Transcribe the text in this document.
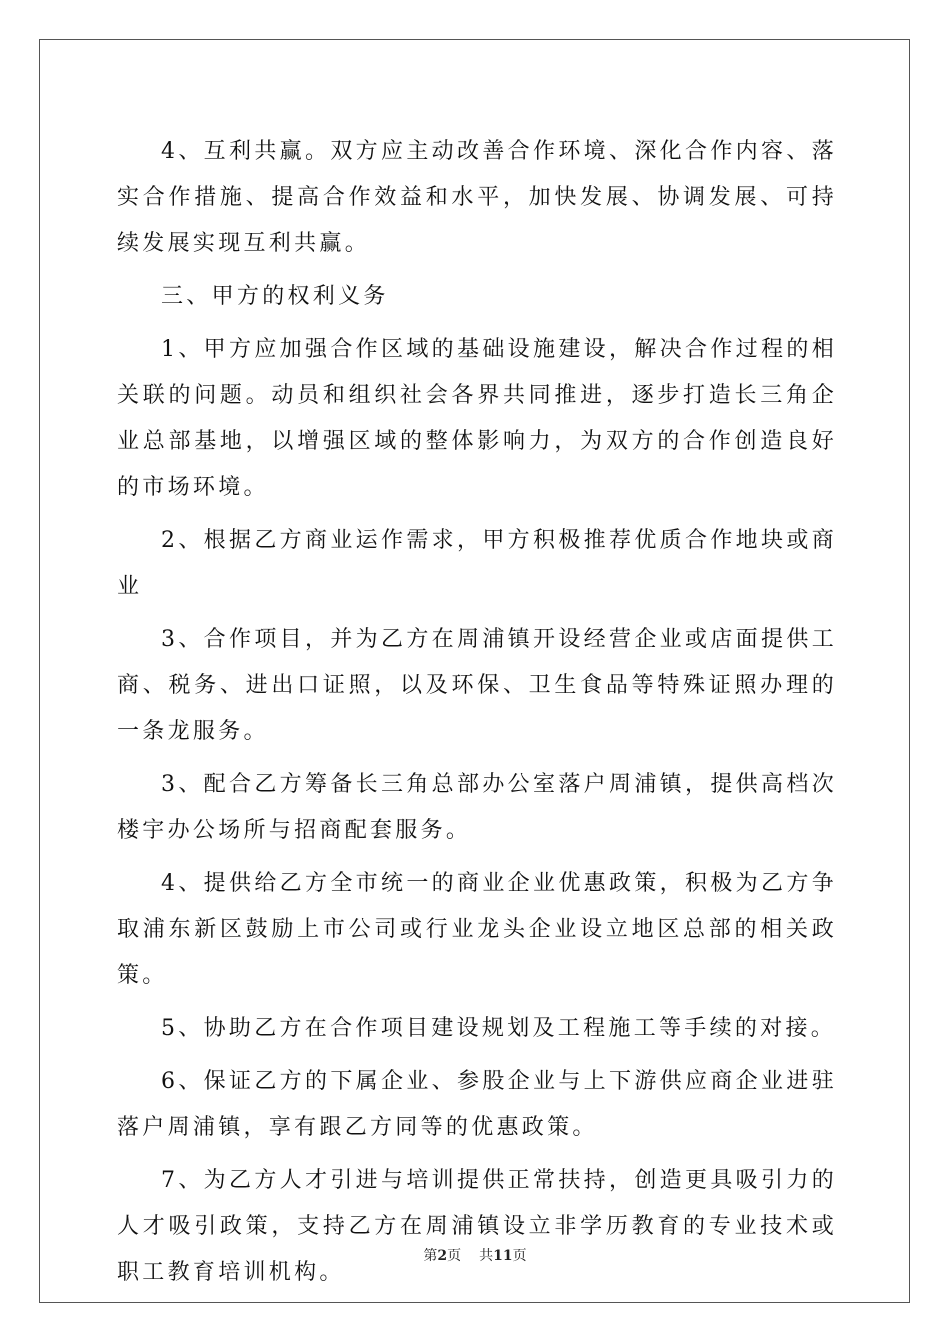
4、互利共赢。双方应主动改善合作环境、深化合作内容、落实合作措施、提高合作效益和水平，加快发展、协调发展、可持续发展实现互利共赢。

三、甲方的权利义务

1、甲方应加强合作区域的基础设施建设，解决合作过程的相关联的问题。动员和组织社会各界共同推进，逐步打造长三角企业总部基地，以增强区域的整体影响力，为双方的合作创造良好的市场环境。

2、根据乙方商业运作需求，甲方积极推荐优质合作地块或商业

3、合作项目，并为乙方在周浦镇开设经营企业或店面提供工商、税务、进出口证照，以及环保、卫生食品等特殊证照办理的一条龙服务。

3、配合乙方筹备长三角总部办公室落户周浦镇，提供高档次楼宇办公场所与招商配套服务。

4、提供给乙方全市统一的商业企业优惠政策，积极为乙方争取浦东新区鼓励上市公司或行业龙头企业设立地区总部的相关政策。

5、协助乙方在合作项目建设规划及工程施工等手续的对接。

6、保证乙方的下属企业、参股企业与上下游供应商企业进驻落户周浦镇，享有跟乙方同等的优惠政策。

7、为乙方人才引进与培训提供正常扶持，创造更具吸引力的人才吸引政策，支持乙方在周浦镇设立非学历教育的专业技术或职工教育培训机构。

第2页 共11页
